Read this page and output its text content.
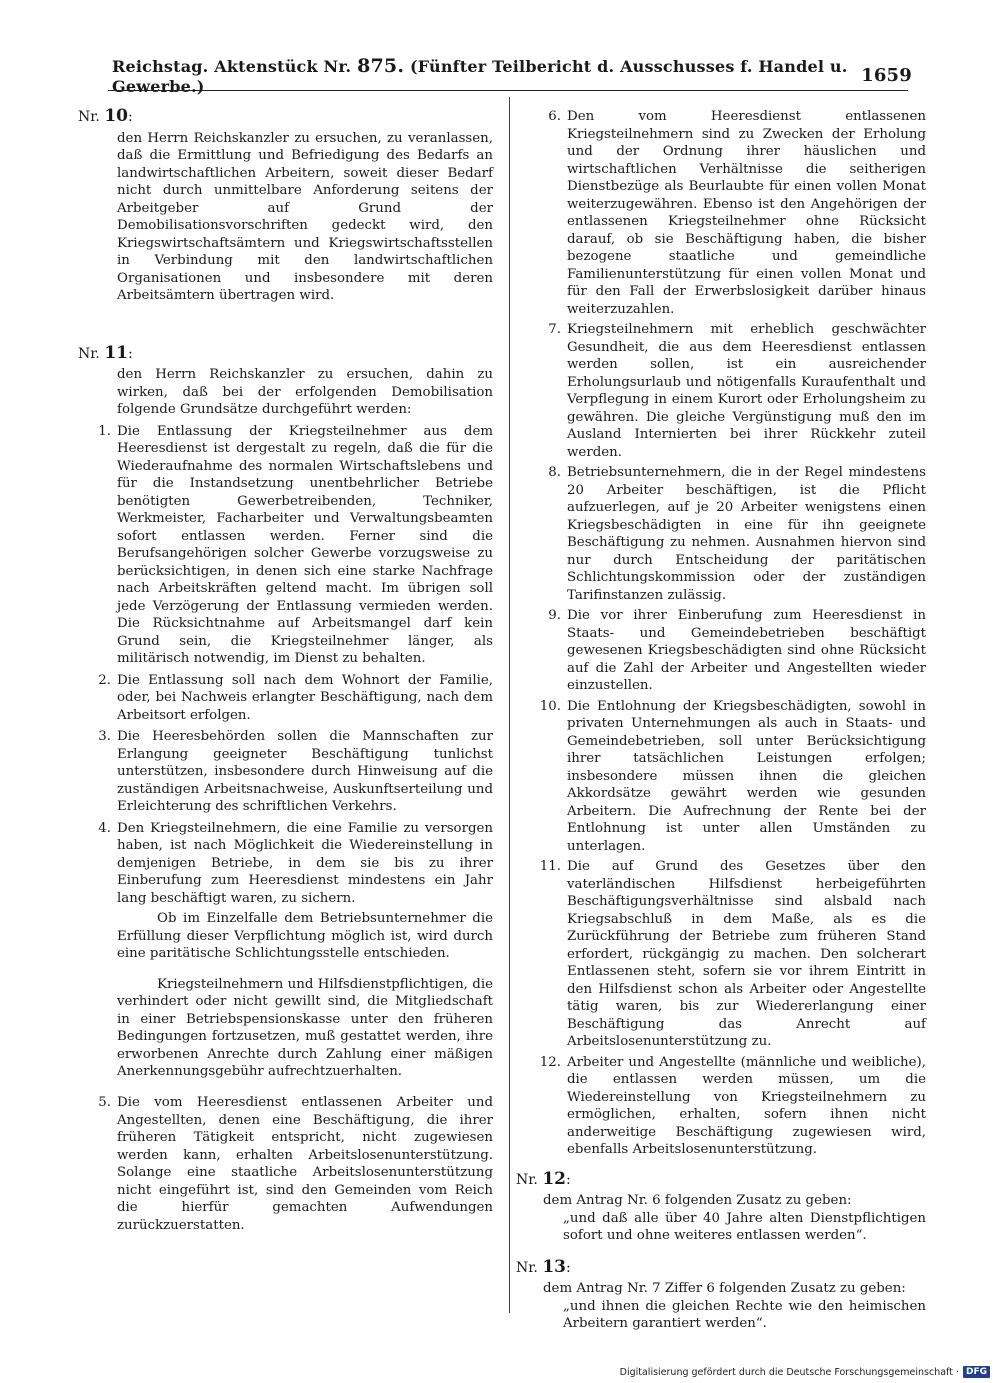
Reichstag. Aktenstück Nr. 875. (Fünfter Teilbericht d. Ausschusses f. Handel u. Gewerbe.)
1659
Nr. 10:

den Herrn Reichskanzler zu ersuchen, zu veranlassen, daß die Ermittlung und Befriedigung des Bedarfs an landwirtschaftlichen Arbeitern, soweit dieser Bedarf nicht durch unmittelbare Anforderung seitens der Arbeitgeber auf Grund der Demobilisationsvorschriften gedeckt wird, den Kriegswirtschaftsämtern und Kriegswirtschaftsstellen in Verbindung mit den landwirtschaftlichen Organisationen und insbesondere mit deren Arbeitsämtern übertragen wird.

Nr. 11:

den Herrn Reichskanzler zu ersuchen, dahin zu wirken, daß bei der erfolgenden Demobilisation folgende Grundsätze durchgeführt werden:

1. Die Entlassung der Kriegsteilnehmer aus dem Heeresdienst ist dergestalt zu regeln, daß die für die Wiederaufnahme des normalen Wirtschaftslebens und für die Instandsetzung unentbehrlicher Betriebe benötigten Gewerbetreibenden, Techniker, Werkmeister, Facharbeiter und Verwaltungsbeamten sofort entlassen werden. Ferner sind die Berufsangehörigen solcher Gewerbe vorzugsweise zu berücksichtigen, in denen sich eine starke Nachfrage nach Arbeitskräften geltend macht. Im übrigen soll jede Verzögerung der Entlassung vermieden werden. Die Rücksichtnahme auf Arbeitsmangel darf kein Grund sein, die Kriegsteilnehmer länger, als militärisch notwendig, im Dienst zu behalten.
2. Die Entlassung soll nach dem Wohnort der Familie, oder, bei Nachweis erlangter Beschäftigung, nach dem Arbeitsort erfolgen.
3. Die Heeresbehörden sollen die Mannschaften zur Erlangung geeigneter Beschäftigung tunlichst unterstützen, insbesondere durch Hinweisung auf die zuständigen Arbeitsnachweise, Auskunftserteilung und Erleichterung des schriftlichen Verkehrs.
4. Den Kriegsteilnehmern, die eine Familie zu versorgen haben, ist nach Möglichkeit die Wiedereinstellung in demjenigen Betriebe, in dem sie bis zu ihrer Einberufung zum Heeresdienst mindestens ein Jahr lang beschäftigt waren, zu sichern.

Ob im Einzelfalle dem Betriebsunternehmer die Erfüllung dieser Verpflichtung möglich ist, wird durch eine paritätische Schlichtungsstelle entschieden.

Kriegsteilnehmern und Hilfsdienstpflichtigen, die verhindert oder nicht gewillt sind, die Mitgliedschaft in einer Betriebspensionskasse unter den früheren Bedingungen fortzusetzen, muß gestattet werden, ihre erworbenen Anrechte durch Zahlung einer mäßigen Anerkennungsgebühr aufrechtzuerhalten.

5. Die vom Heeresdienst entlassenen Arbeiter und Angestellten, denen eine Beschäftigung, die ihrer früheren Tätigkeit entspricht, nicht zugewiesen werden kann, erhalten Arbeitslosenunterstützung. Solange eine staatliche Arbeitslosenunterstützung nicht eingeführt ist, sind den Gemeinden vom Reich die hierfür gemachten Aufwendungen zurückzuerstatten.
6. Den vom Heeresdienst entlassenen Kriegsteilnehmern sind zu Zwecken der Erholung und der Ordnung ihrer häuslichen und wirtschaftlichen Verhältnisse die seitherigen Dienstbezüge als Beurlaubte für einen vollen Monat weiterzugewähren. Ebenso ist den Angehörigen der entlassenen Kriegsteilnehmer ohne Rücksicht darauf, ob sie Beschäftigung haben, die bisher bezogene staatliche und gemeindliche Familienunterstützung für einen vollen Monat und für den Fall der Erwerbslosigkeit darüber hinaus weiterzuzahlen.
7. Kriegsteilnehmern mit erheblich geschwächter Gesundheit, die aus dem Heeresdienst entlassen werden sollen, ist ein ausreichender Erholungsurlaub und nötigenfalls Kuraufenthalt und Verpflegung in einem Kurort oder Erholungsheim zu gewähren. Die gleiche Vergünstigung muß den im Ausland Internierten bei ihrer Rückkehr zuteil werden.
8. Betriebsunternehmern, die in der Regel mindestens 20 Arbeiter beschäftigen, ist die Pflicht aufzuerlegen, auf je 20 Arbeiter wenigstens einen Kriegsbeschädigten in eine für ihn geeignete Beschäftigung zu nehmen. Ausnahmen hiervon sind nur durch Entscheidung der paritätischen Schlichtungskommission oder der zuständigen Tarifinstanzen zulässig.
9. Die vor ihrer Einberufung zum Heeresdienst in Staats- und Gemeindebetrieben beschäftigt gewesenen Kriegsbeschädigten sind ohne Rücksicht auf die Zahl der Arbeiter und Angestellten wieder einzustellen.
10. Die Entlohnung der Kriegsbeschädigten, sowohl in privaten Unternehmungen als auch in Staats- und Gemeindebetrieben, soll unter Berücksichtigung ihrer tatsächlichen Leistungen erfolgen; insbesondere müssen ihnen die gleichen Akkordsätze gewährt werden wie gesunden Arbeitern. Die Aufrechnung der Rente bei der Entlohnung ist unter allen Umständen zu unterlagen.
11. Die auf Grund des Gesetzes über den vaterländischen Hilfsdienst herbeigeführten Beschäftigungsverhältnisse sind alsbald nach Kriegsabschluß in dem Maße, als es die Zurückführung der Betriebe zum früheren Stand erfordert, rückgängig zu machen. Den solcherart Entlassenen steht, sofern sie vor ihrem Eintritt in den Hilfsdienst schon als Arbeiter oder Angestellte tätig waren, bis zur Wiedererlangung einer Beschäftigung das Anrecht auf Arbeitslosenunterstützung zu.
12. Arbeiter und Angestellte (männliche und weibliche), die entlassen werden müssen, um die Wiedereinstellung von Kriegsteilnehmern zu ermöglichen, erhalten, sofern ihnen nicht anderweitige Beschäftigung zugewiesen wird, ebenfalls Arbeitslosenunterstützung.
Nr. 12:

dem Antrag Nr. 6 folgenden Zusatz zu geben:

„und daß alle über 40 Jahre alten Dienstpflichtigen sofort und ohne weiteres entlassen werden“.

Nr. 13:

dem Antrag Nr. 7 Ziffer 6 folgenden Zusatz zu geben:

„und ihnen die gleichen Rechte wie den heimischen Arbeitern garantiert werden“.

Digitalisierung gefördert durch die Deutsche Forschungsgemeinschaft · DFG
